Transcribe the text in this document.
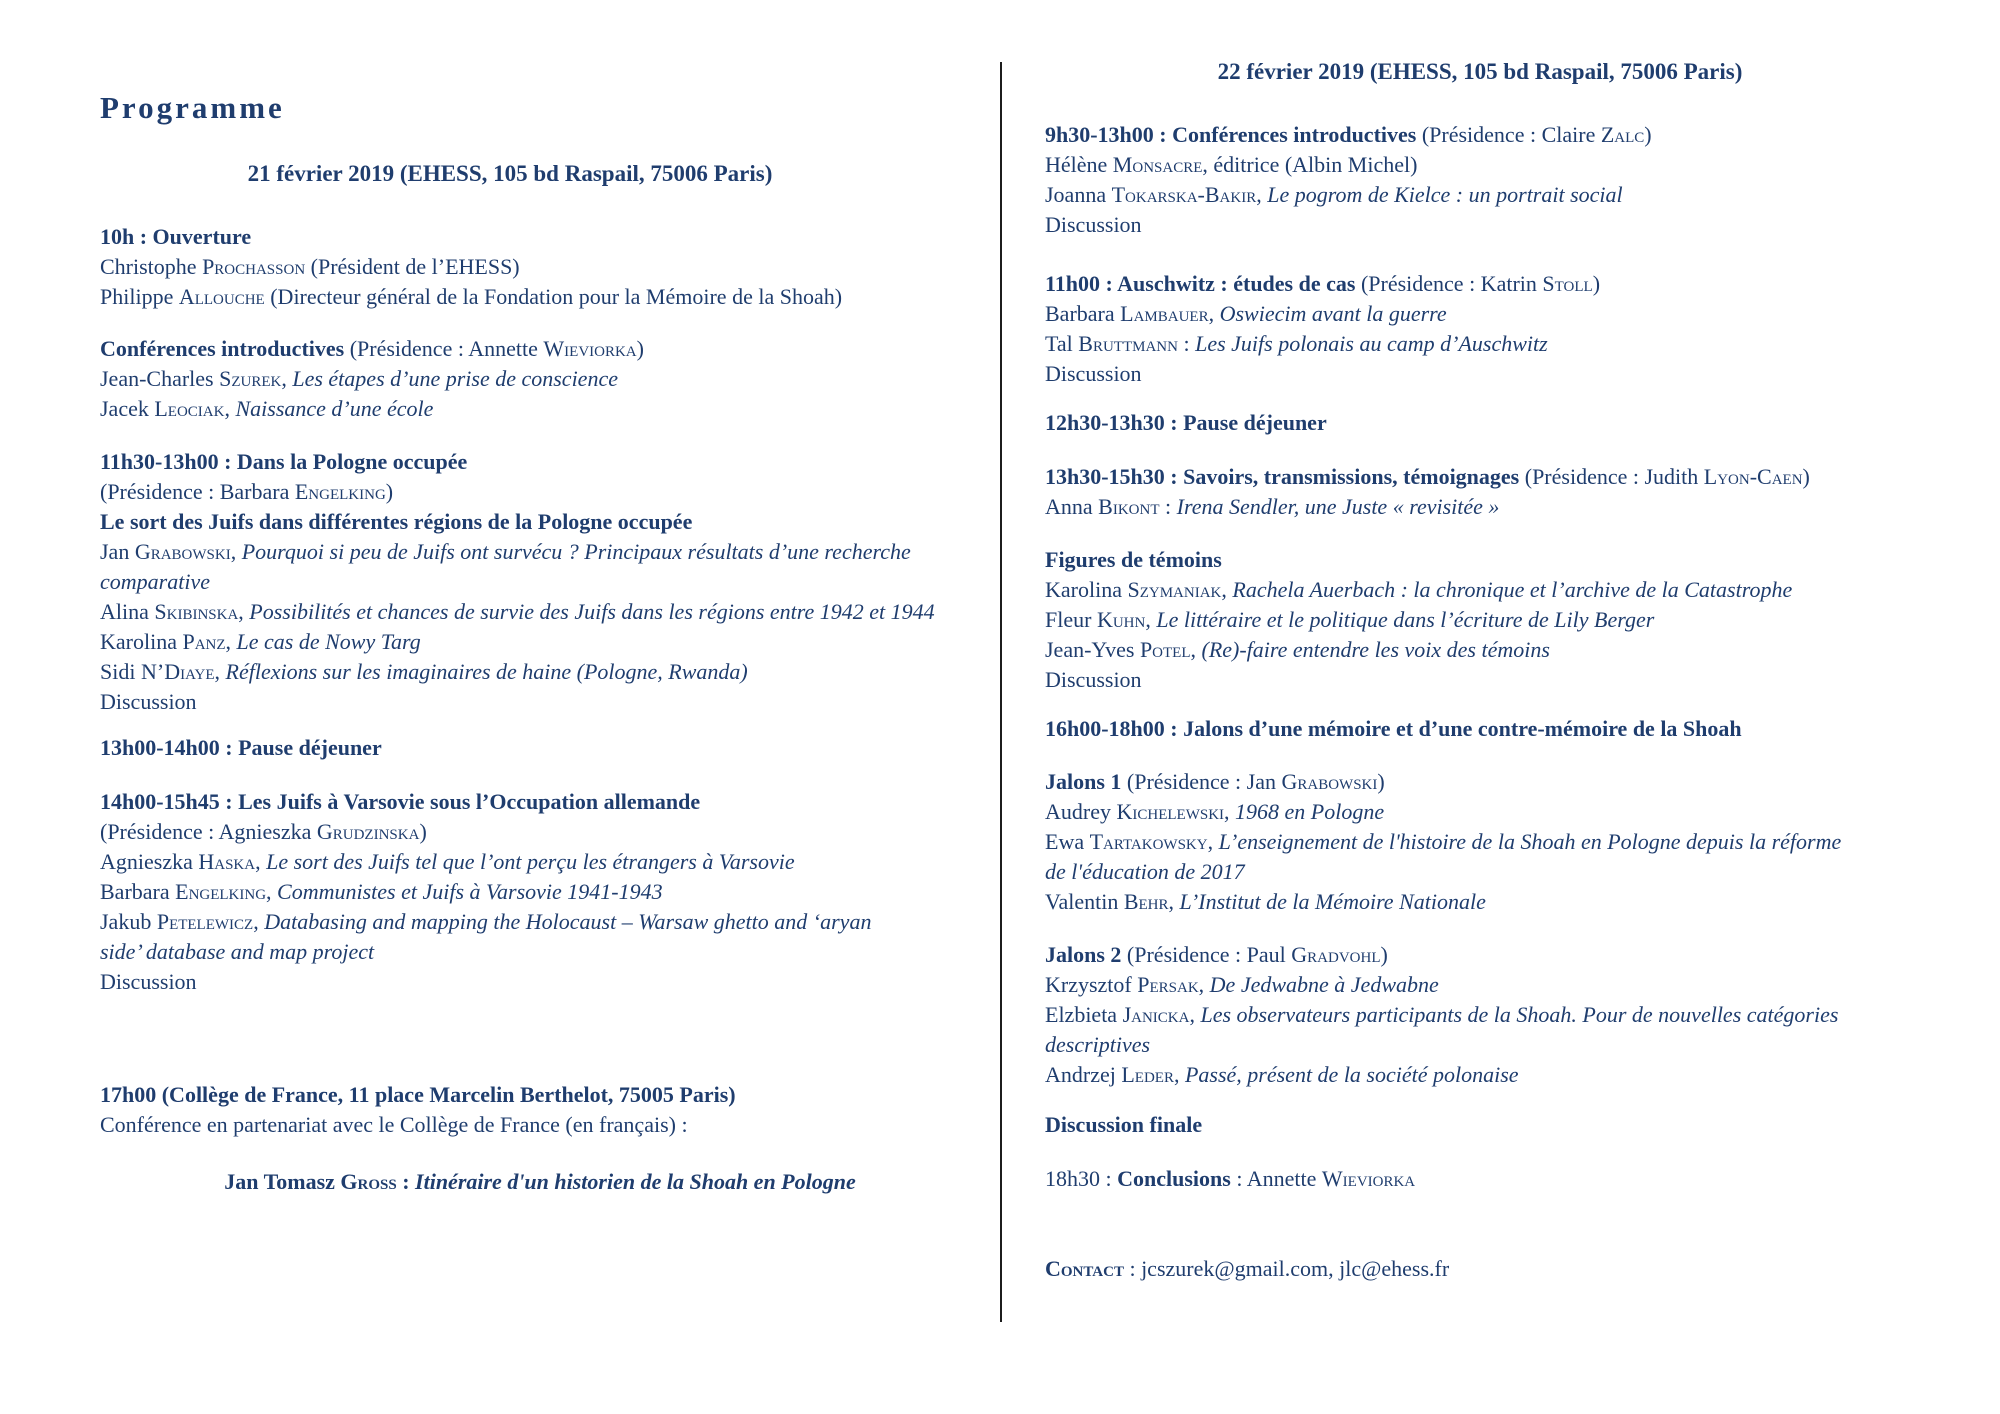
Programme
21 février 2019 (EHESS, 105 bd Raspail, 75006 Paris)
10h : Ouverture
Christophe Prochasson (Président de l’EHESS)
Philippe Allouche (Directeur général de la Fondation pour la Mémoire de la Shoah)
Conférences introductives (Présidence : Annette Wieviorka)
Jean-Charles Szurek, Les étapes d’une prise de conscience
Jacek Leociak, Naissance d’une école
11h30-13h00 : Dans la Pologne occupée
(Présidence : Barbara Engelking)
Le sort des Juifs dans différentes régions de la Pologne occupée
Jan Grabowski, Pourquoi si peu de Juifs ont survécu ? Principaux résultats d’une recherche
comparative
Alina Skibinska, Possibilités et chances de survie des Juifs dans les régions entre 1942 et 1944
Karolina Panz, Le cas de Nowy Targ
Sidi N’Diaye, Réflexions sur les imaginaires de haine (Pologne, Rwanda)
Discussion
13h00-14h00 : Pause déjeuner
14h00-15h45 : Les Juifs à Varsovie sous l’Occupation allemande
(Présidence : Agnieszka Grudzinska)
Agnieszka Haska, Le sort des Juifs tel que l’ont perçu les étrangers à Varsovie
Barbara Engelking, Communistes et Juifs à Varsovie 1941-1943
Jakub Petelewicz, Databasing and mapping the Holocaust – Warsaw ghetto and ‘aryan
side’ database and map project
Discussion
17h00 (Collège de France, 11 place Marcelin Berthelot, 75005 Paris)
Conférence en partenariat avec le Collège de France (en français) :
Jan Tomasz Gross : Itinéraire d'un historien de la Shoah en Pologne
22 février 2019 (EHESS, 105 bd Raspail, 75006 Paris)
9h30-13h00 : Conférences introductives (Présidence : Claire Zalc)
Hélène Monsacre, éditrice (Albin Michel)
Joanna Tokarska-Bakir, Le pogrom de Kielce : un portrait social
Discussion
11h00 : Auschwitz : études de cas (Présidence : Katrin Stoll)
Barbara Lambauer, Oswiecim avant la guerre
Tal Bruttmann : Les Juifs polonais au camp d’Auschwitz
Discussion
12h30-13h30 : Pause déjeuner
13h30-15h30 : Savoirs, transmissions, témoignages (Présidence : Judith Lyon-Caen)
Anna Bikont : Irena Sendler, une Juste « revisitée »
Figures de témoins
Karolina Szymaniak, Rachela Auerbach : la chronique et l’archive de la Catastrophe
Fleur Kuhn, Le littéraire et le politique dans l’écriture de Lily Berger
Jean-Yves Potel, (Re)-faire entendre les voix des témoins
Discussion
16h00-18h00 : Jalons d’une mémoire et d’une contre-mémoire de la Shoah
Jalons 1 (Présidence : Jan Grabowski)
Audrey Kichelewski, 1968 en Pologne
Ewa Tartakowsky, L’enseignement de l'histoire de la Shoah en Pologne depuis la réforme
de l'éducation de 2017
Valentin Behr, L’Institut de la Mémoire Nationale
Jalons 2 (Présidence : Paul Gradvohl)
Krzysztof Persak, De Jedwabne à Jedwabne
Elzbieta Janicka, Les observateurs participants de la Shoah. Pour de nouvelles catégories
descriptives
Andrzej Leder, Passé, présent de la société polonaise
Discussion finale
18h30 : Conclusions : Annette Wieviorka
Contact : jcszurek@gmail.com, jlc@ehess.fr
